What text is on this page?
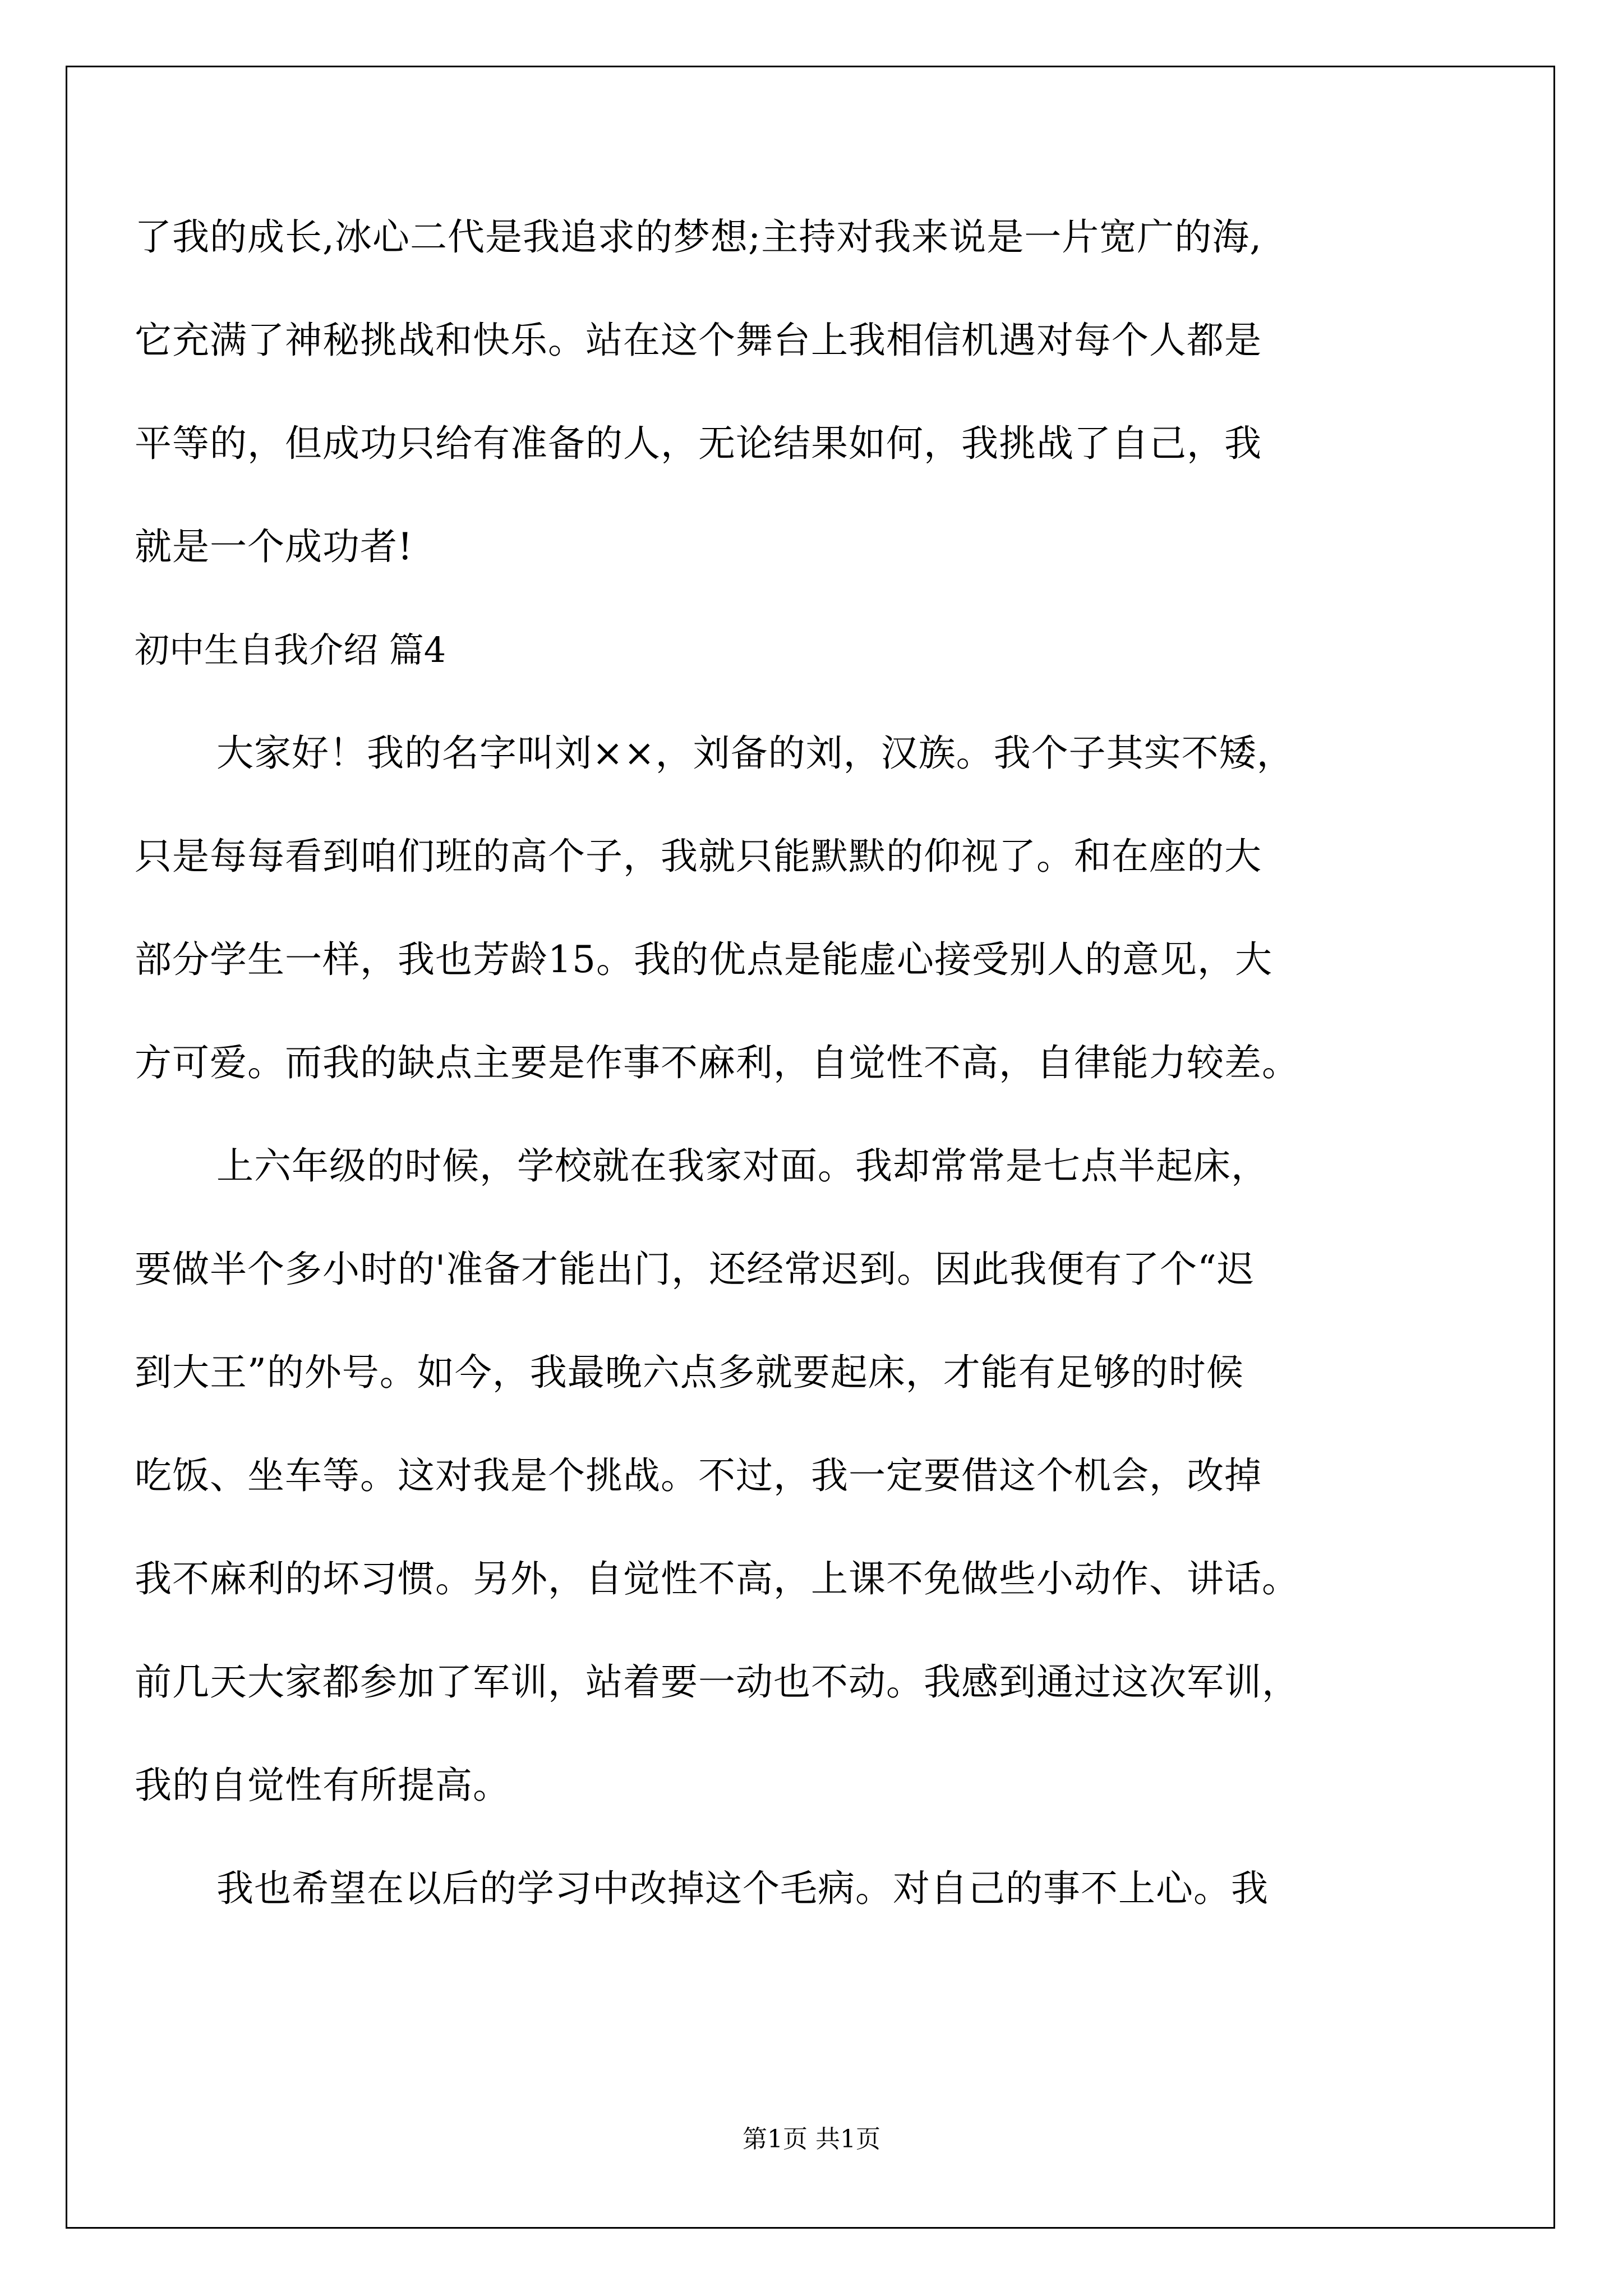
了我的成长,冰心二代是我追求的梦想;主持对我来说是一片宽广的海,
它充满了神秘挑战和快乐。站在这个舞台上我相信机遇对每个人都是
平等的，但成功只给有准备的人，无论结果如何，我挑战了自己，我
就是一个成功者!
初中生自我介绍 篇4
大家好！我的名字叫刘××，刘备的刘，汉族。我个子其实不矮，
只是每每看到咱们班的高个子，我就只能默默的仰视了。和在座的大
部分学生一样，我也芳龄15。我的优点是能虚心接受别人的意见，大
方可爱。而我的缺点主要是作事不麻利，自觉性不高，自律能力较差。
上六年级的时候，学校就在我家对面。我却常常是七点半起床，
要做半个多小时的'准备才能出门，还经常迟到。因此我便有了个“迟
到大王”的外号。如今，我最晚六点多就要起床，才能有足够的时候
吃饭、坐车等。这对我是个挑战。不过，我一定要借这个机会，改掉
我不麻利的坏习惯。另外，自觉性不高，上课不免做些小动作、讲话。
前几天大家都参加了军训，站着要一动也不动。我感到通过这次军训，
我的自觉性有所提高。
我也希望在以后的学习中改掉这个毛病。对自己的事不上心。我
第1页 共1页
